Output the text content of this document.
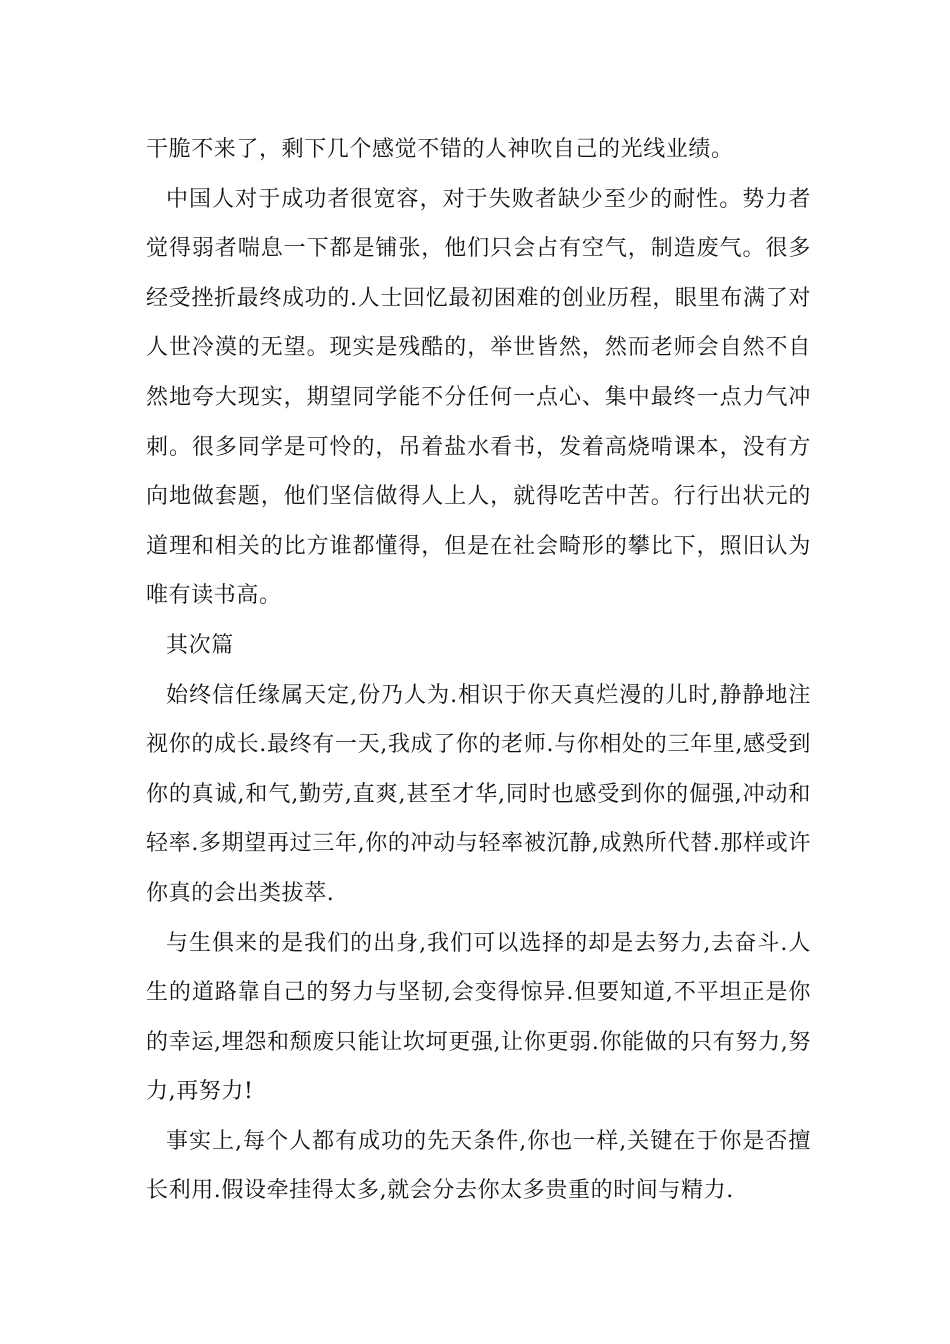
干脆不来了，剩下几个感觉不错的人神吹自己的光线业绩。

中国人对于成功者很宽容，对于失败者缺少至少的耐性。势力者觉得弱者喘息一下都是铺张，他们只会占有空气，制造废气。很多经受挫折最终成功的.人士回忆最初困难的创业历程，眼里布满了对人世冷漠的无望。现实是残酷的，举世皆然，然而老师会自然不自然地夸大现实，期望同学能不分任何一点心、集中最终一点力气冲刺。很多同学是可怜的，吊着盐水看书，发着高烧啃课本，没有方向地做套题，他们坚信做得人上人，就得吃苦中苦。行行出状元的道理和相关的比方谁都懂得，但是在社会畸形的攀比下，照旧认为唯有读书高。

其次篇

始终信任缘属天定,份乃人为.相识于你天真烂漫的儿时,静静地注视你的成长.最终有一天,我成了你的老师.与你相处的三年里,感受到你的真诚,和气,勤劳,直爽,甚至才华,同时也感受到你的倔强,冲动和轻率.多期望再过三年,你的冲动与轻率被沉静,成熟所代替.那样或许你真的会出类拔萃.

与生俱来的是我们的出身,我们可以选择的却是去努力,去奋斗.人生的道路靠自己的努力与坚韧,会变得惊异.但要知道,不平坦正是你的幸运,埋怨和颓废只能让坎坷更强,让你更弱.你能做的只有努力,努力,再努力!

事实上,每个人都有成功的先天条件,你也一样,关键在于你是否擅长利用.假设牵挂得太多,就会分去你太多贵重的时间与精力.
